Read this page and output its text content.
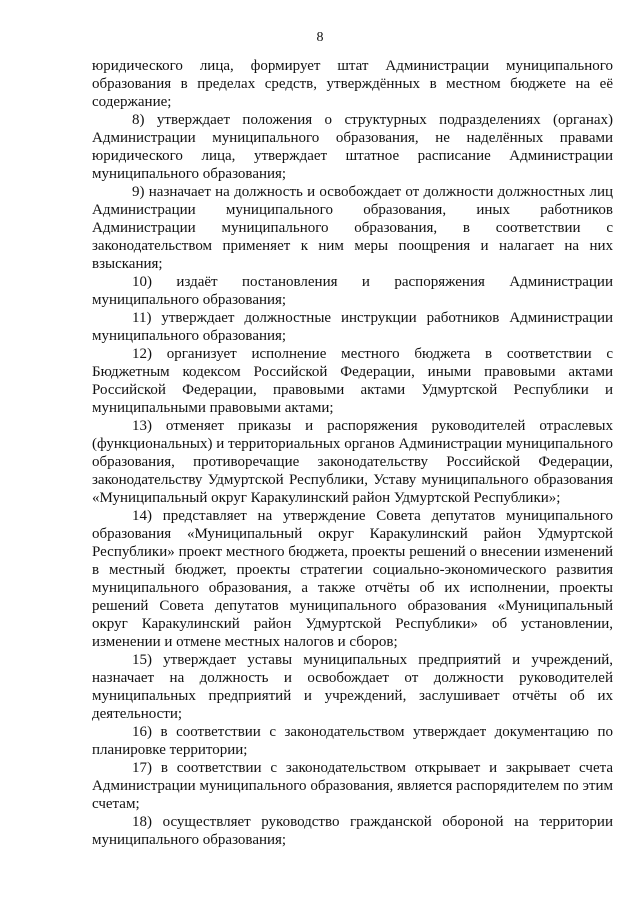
8

юридического лица, формирует штат Администрации муниципального образования в пределах средств, утверждённых в местном бюджете на её содержание;

8) утверждает положения о структурных подразделениях (органах) Администрации муниципального образования, не наделённых правами юридического лица, утверждает штатное расписание Администрации муниципального образования;

9) назначает на должность и освобождает от должности должностных лиц Администрации муниципального образования, иных работников Администрации муниципального образования, в соответствии с законодательством применяет к ним меры поощрения и налагает на них взыскания;

10) издаёт постановления и распоряжения Администрации муниципального образования;

11) утверждает должностные инструкции работников Администрации муниципального образования;

12) организует исполнение местного бюджета в соответствии с Бюджетным кодексом Российской Федерации, иными правовыми актами Российской Федерации, правовыми актами Удмуртской Республики и муниципальными правовыми актами;

13) отменяет приказы и распоряжения руководителей отраслевых (функциональных) и территориальных органов Администрации муниципального образования, противоречащие законодательству Российской Федерации, законодательству Удмуртской Республики, Уставу муниципального образования «Муниципальный округ Каракулинский район Удмуртской Республики»;

14) представляет на утверждение Совета депутатов муниципального образования «Муниципальный округ Каракулинский район Удмуртской Республики» проект местного бюджета, проекты решений о внесении изменений в местный бюджет, проекты стратегии социально-экономического развития муниципального образования, а также отчёты об их исполнении, проекты решений Совета депутатов муниципального образования «Муниципальный округ Каракулинский район Удмуртской Республики» об установлении, изменении и отмене местных налогов и сборов;

15) утверждает уставы муниципальных предприятий и учреждений, назначает на должность и освобождает от должности руководителей муниципальных предприятий и учреждений, заслушивает отчёты об их деятельности;

16) в соответствии с законодательством утверждает документацию по планировке территории;

17) в соответствии с законодательством открывает и закрывает счета Администрации муниципального образования, является распорядителем по этим счетам;

18) осуществляет руководство гражданской обороной на территории муниципального образования;
